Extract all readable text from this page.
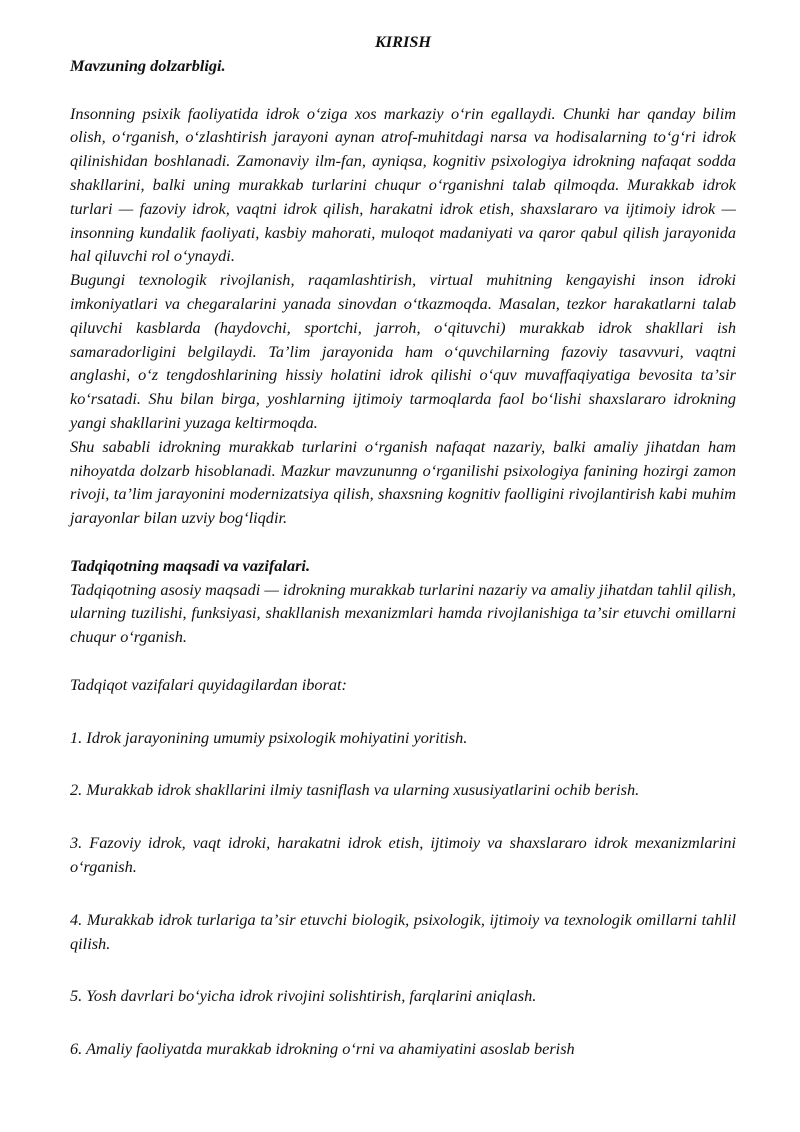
KIRISH

Mavzuning dolzarbligi.

Insonning psixik faoliyatida idrok oʻziga xos markaziy oʻrin egallaydi. Chunki har qanday bilim olish, oʻrganish, oʻzlashtirish jarayoni aynan atrof-muhitdagi narsa va hodisalarning toʻgʻri idrok qilinishidan boshlanadi. Zamonaviy ilm-fan, ayniqsa, kognitiv psixologiya idrokning nafaqat sodda shakllarini, balki uning murakkab turlarini chuqur oʻrganishni talab qilmoqda. Murakkab idrok turlari — fazoviy idrok, vaqtni idrok qilish, harakatni idrok etish, shaxslararo va ijtimoiy idrok — insonning kundalik faoliyati, kasbiy mahorati, muloqot madaniyati va qaror qabul qilish jarayonida hal qiluvchi rol oʻynaydi.

Bugungi texnologik rivojlanish, raqamlashtirish, virtual muhitning kengayishi inson idroki imkoniyatlari va chegaralarini yanada sinovdan oʻtkazmoqda. Masalan, tezkor harakatlarni talab qiluvchi kasblarda (haydovchi, sportchi, jarroh, oʻqituvchi) murakkab idrok shakllari ish samaradorligini belgilaydi. Taʼlim jarayonida ham oʻquvchilarning fazoviy tasavvuri, vaqtni anglashi, oʻz tengdoshlarining hissiy holatini idrok qilishi oʻquv muvaffaqiyatiga bevosita taʼsir koʻrsatadi. Shu bilan birga, yoshlarning ijtimoiy tarmoqlarda faol boʻlishi shaxslararo idrokning yangi shakllarini yuzaga keltirmoqda.

Shu sababli idrokning murakkab turlarini oʻrganish nafaqat nazariy, balki amaliy jihatdan ham nihoyatda dolzarb hisoblanadi. Mazkur mavzununng oʻrganilishi psixologiya fanining hozirgi zamon rivoji, taʼlim jarayonini modernizatsiya qilish, shaxsning kognitiv faolligini rivojlantirish kabi muhim jarayonlar bilan uzviy bogʻliqdir.

Tadqiqotning maqsadi va vazifalari.

Tadqiqotning asosiy maqsadi — idrokning murakkab turlarini nazariy va amaliy jihatdan tahlil qilish, ularning tuzilishi, funksiyasi, shakllanish mexanizmlari hamda rivojlanishiga taʼsir etuvchi omillarni chuqur oʻrganish.

Tadqiqot vazifalari quyidagilardan iborat:

1. Idrok jarayonining umumiy psixologik mohiyatini yoritish.

2. Murakkab idrok shakllarini ilmiy tasniflash va ularning xususiyatlarini ochib berish.

3. Fazoviy idrok, vaqt idroki, harakatni idrok etish, ijtimoiy va shaxslararo idrok mexanizmlarini oʻrganish.

4. Murakkab idrok turlariga taʼsir etuvchi biologik, psixologik, ijtimoiy va texnologik omillarni tahlil qilish.

5. Yosh davrlari boʻyicha idrok rivojini solishtirish, farqlarini aniqlash.

6. Amaliy faoliyatda murakkab idrokning oʻrni va ahamiyatini asoslab berish
